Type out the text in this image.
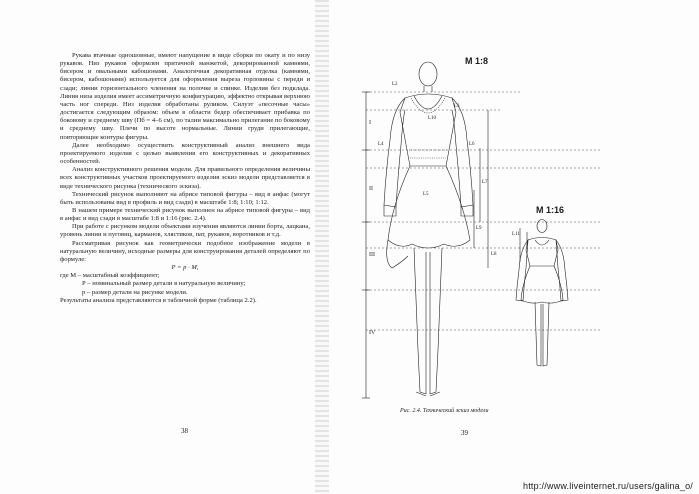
Рукава втачные одношовные, имеют напущение в виде сборки по окату и по низу рукавов. Низ рукавов оформлен притачной манжетой, декорированной камнями, бисером и овальными кабошонами. Аналогичная декоративная отделка (камнями, бисером, кабошонами) используется для оформления выреза горловины с переди и сзади; линии горизонтального членения на полочке и спинке. Изделия без подклада. Линия низа изделия имеет ассиметричную конфигурацию, эффектно открывая верхнюю часть ног спереди. Низ изделия обработаны руликом. Силуэт «песочные часы» достигается следующим образом: объем в области бедер обеспечивает прибавка по боковому и среднему шву (Пб = 4–6 см), по талии максимально прилегание по боковому и среднему шву. Плечи по высоте нормальные. Линии груди прилегающие, повторяющие контуры фигуры.

Далее необходимо осуществить конструктивный анализ внешнего вида проектируемого изделия с целью выявления его конструктивных и декоративных особенностей.

Анализ конструктивного решения модели. Для правильного определения величины всех конструктивных участков проектируемого изделия эскиз модели представляется в виде технического рисунка (технического эскиза).

Технический рисунок выполняют на абрисе типовой фигуры – вид в анфас (могут быть использованы вид в профиль и вид сзади) в масштабе 1:8; 1:10; 1:12.

В нашем примере технический рисунок выполнен на абрисе типовой фигуры – вид в анфас и вид сзади в масштабе 1:8 и 1:16 (рис. 2.4).

При работе с рисунком модели объектами изучения являются линии борта, лацкана, уровень линии и пуговиц, карманов, хлястиков, пат, рукавов, воротников и т.д.

Рассматривая рисунок как геометрически подобное изображение модели в натуральную величину, исходные размеры для конструирования деталей определяют по формуле:

P = p · M,

где М – масштабный коэффициент;

Р – номинальный размер детали в натуральную величину;

р – размер детали на рисунке модели.

Результаты анализа представляются в табличной форме (таблица 2.2).

38
М 1:8
М 1:16
I
II
III
IV
L2
L3
L4
L5
L6
L7
L8
L9
L10
L11
Рис. 2.4. Технический эскиз модели
39
http://www.liveinternet.ru/users/galina_o/
